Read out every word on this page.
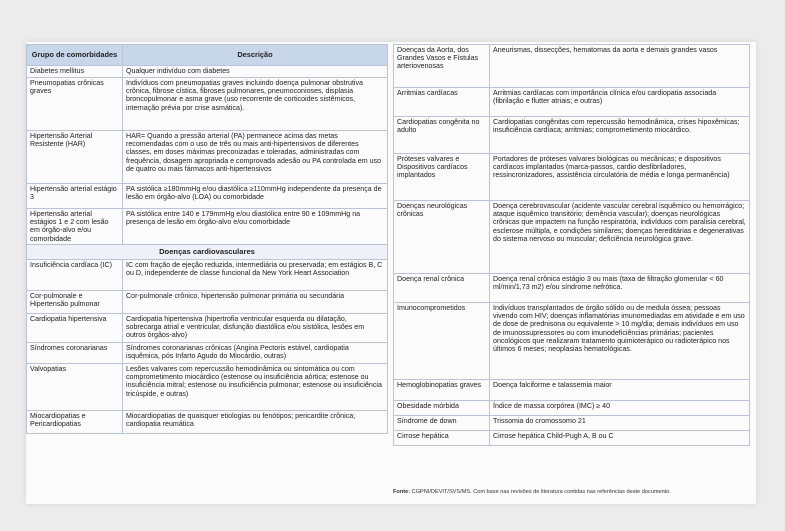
Grupo de comorbidades	Descrição
Diabetes mellitus	Qualquer indivíduo com diabetes
Pneumopatias crônicas graves	Indivíduos com pneumopatias graves incluindo doença pulmonar obstrutiva crônica, fibrose cística, fibroses pulmonares, pneumoconioses, displasia broncopulmonar e asma grave (uso recorrente de corticoides sistêmicos, internação prévia por crise asmática).
Hipertensão Arterial Resistente (HAR)	HAR= Quando a pressão arterial (PA) permanece acima das metas recomendadas com o uso de três ou mais anti-hipertensivos de diferentes classes, em doses máximas preconizadas e toleradas, administradas com frequência, dosagem apropriada e comprovada adesão ou PA controlada em uso de quatro ou mais fármacos anti-hipertensivos
Hipertensão arterial estágio 3	PA sistólica ≥180mmHg e/ou diastólica ≥110mmHg independente da presença de lesão em órgão-alvo (LOA) ou comorbidade
Hipertensão arterial estágios 1 e 2 com lesão em órgão-alvo e/ou comorbidade	PA sistólica entre 140 e 179mmHg e/ou diastólica entre 90 e 109mmHg na presença de lesão em órgão-alvo e/ou comorbidade
Doenças cardiovasculares	
Insuficiência cardíaca (IC)	IC com fração de ejeção reduzida, intermediária ou preservada; em estágios B, C ou D, independente de classe funcional da New York Heart Association
Cor-pulmonale e Hipertensão pulmonar	Cor-pulmonale crônico, hipertensão pulmonar primária ou secundária
Cardiopatia hipertensiva	Cardiopatia hipertensiva (hipertrofia ventricular esquerda ou dilatação, sobrecarga atrial e ventricular, disfunção diastólica e/ou sistólica, lesões em outros órgãos-alvo)
Síndromes coronarianas	Síndromes coronarianas crônicas (Angina Pectoris estável, cardiopatia isquêmica, pós Infarto Agudo do Miocárdio, outras)
Valvopatias	Lesões valvares com repercussão hemodinâmica ou sintomática ou com comprometimento miocárdico (estenose ou insuficiência aórtica; estenose ou insuficiência mitral; estenose ou insuficiência pulmonar; estenose ou insuficiência tricúspide, e outras)
Miocardiopatias e Pericardiopatias	Miocardiopatias de quaisquer etiologias ou fenótipos; pericardite crônica; cardiopatia reumática
Doenças da Aorta, dos Grandes Vasos e Fístulas arteriovenosas	Aneurismas, dissecções, hematomas da aorta e demais grandes vasos
Arritmias cardíacas	Arritmias cardíacas com importância clínica e/ou cardiopatia associada (fibrilação e flutter atriais; e outras)
Cardiopatias congênita no adulto	Cardiopatias congênitas com repercussão hemodinâmica, crises hipoxêmicas; insuficiência cardíaca; arritmias; comprometimento miocárdico.
Próteses valvares e Dispositivos cardíacos implantados	Portadores de próteses valvares biológicas ou mecânicas; e dispositivos cardíacos implantados (marca-passos, cardio desfibriladores, ressincronizadores, assistência circulatória de média e longa permanência)
Doenças neurológicas crônicas	Doença cerebrovascular (acidente vascular cerebral isquêmico ou hemorrágico; ataque isquêmico transitório; demência vascular); doenças neurológicas crônicas que impactem na função respiratória, indivíduos com paralisia cerebral, esclerose múltipla, e condições similares; doenças hereditárias e degenerativas do sistema nervoso ou muscular; deficiência neurológica grave.
Doença renal crônica	Doença renal crônica estágio 3 ou mais (taxa de filtração glomerular < 60 ml/min/1,73 m2) e/ou síndrome nefrótica.
Imunocomprometidos	Indivíduos transplantados de órgão sólido ou de medula óssea; pessoas vivendo com HIV; doenças inflamatórias imunomediadas em atividade e em uso de dose de prednisona ou equivalente > 10 mg/dia; demais indivíduos em uso de imunossupressores ou com imunodeficiências primárias; pacientes oncológicos que realizaram tratamento quimioterápico ou radioterápico nos últimos 6 meses; neoplasias hematológicas.
Hemoglobinopatias graves	Doença falciforme e talassemia maior
Obesidade mórbida	Índice de massa corpórea (IMC) ≥ 40
Síndrome de down	Trissomia do cromossomo 21
Cirrose hepática	Cirrose hepática Child-Pugh A, B ou C
Fonte: CGPNI/DEVIT/SVS/MS. Com base nas revisões de literatura contidas nas referências deste documento.
